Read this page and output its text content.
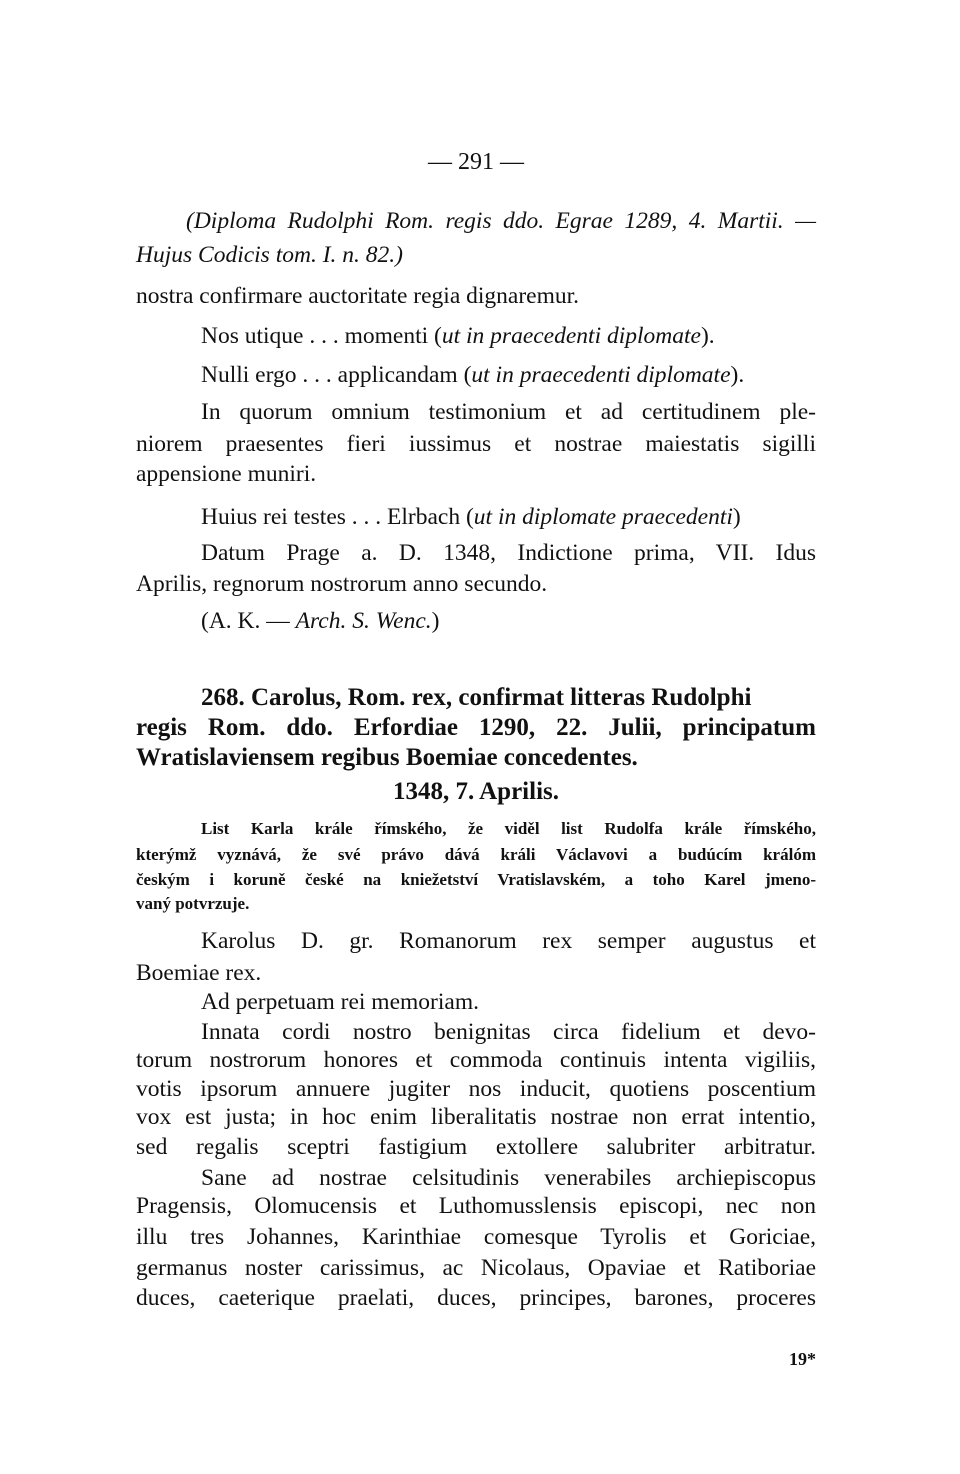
— 291 —
(Diploma Rudolphi Rom. regis ddo. Egrae 1289, 4. Martii. —
Hujus Codicis tom. I. n. 82.)
nostra confirmare auctoritate regia dignaremur.
Nos utique . . . momenti (ut in praecedenti diplomate).
Nulli ergo . . . applicandam (ut in praecedenti diplomate).
In quorum omnium testimonium et ad certitudinem ple-
niorem praesentes fieri iussimus et nostrae maiestatis sigilli
appensione muniri.
Huius rei testes . . . Elrbach (ut in diplomate praecedenti)
Datum Prage a. D. 1348, Indictione prima, VII. Idus
Aprilis, regnorum nostrorum anno secundo.
(A. K. — Arch. S. Wenc.)
268. Carolus, Rom. rex, confirmat litteras Rudolphi
regis Rom. ddo. Erfordiae 1290, 22. Julii, principatum
Wratislaviensem regibus Boemiae concedentes.
1348, 7. Aprilis.
List Karla krále římského, že viděl list Rudolfa krále římského,
kterýmž vyznává, že své právo dává králi Václavovi a budúcím králóm
českým i koruně české na kniežetství Vratislavském, a toho Karel jmeno-
vaný potvrzuje.
Karolus D. gr. Romanorum rex semper augustus et
Boemiae rex.
Ad perpetuam rei memoriam.
Innata cordi nostro benignitas circa fidelium et devo-
torum nostrorum honores et commoda continuis intenta vigiliis,
votis ipsorum annuere jugiter nos inducit, quotiens poscentium
vox est justa; in hoc enim liberalitatis nostrae non errat intentio,
sed regalis sceptri fastigium extollere salubriter arbitratur.
Sane ad nostrae celsitudinis venerabiles archiepiscopus
Pragensis, Olomucensis et Luthomusslensis episcopi, nec non
illu tres Johannes, Karinthiae comesque Tyrolis et Goriciae,
germanus noster carissimus, ac Nicolaus, Opaviae et Ratiboriae
duces, caeterique praelati, duces, principes, barones, proceres
19*
